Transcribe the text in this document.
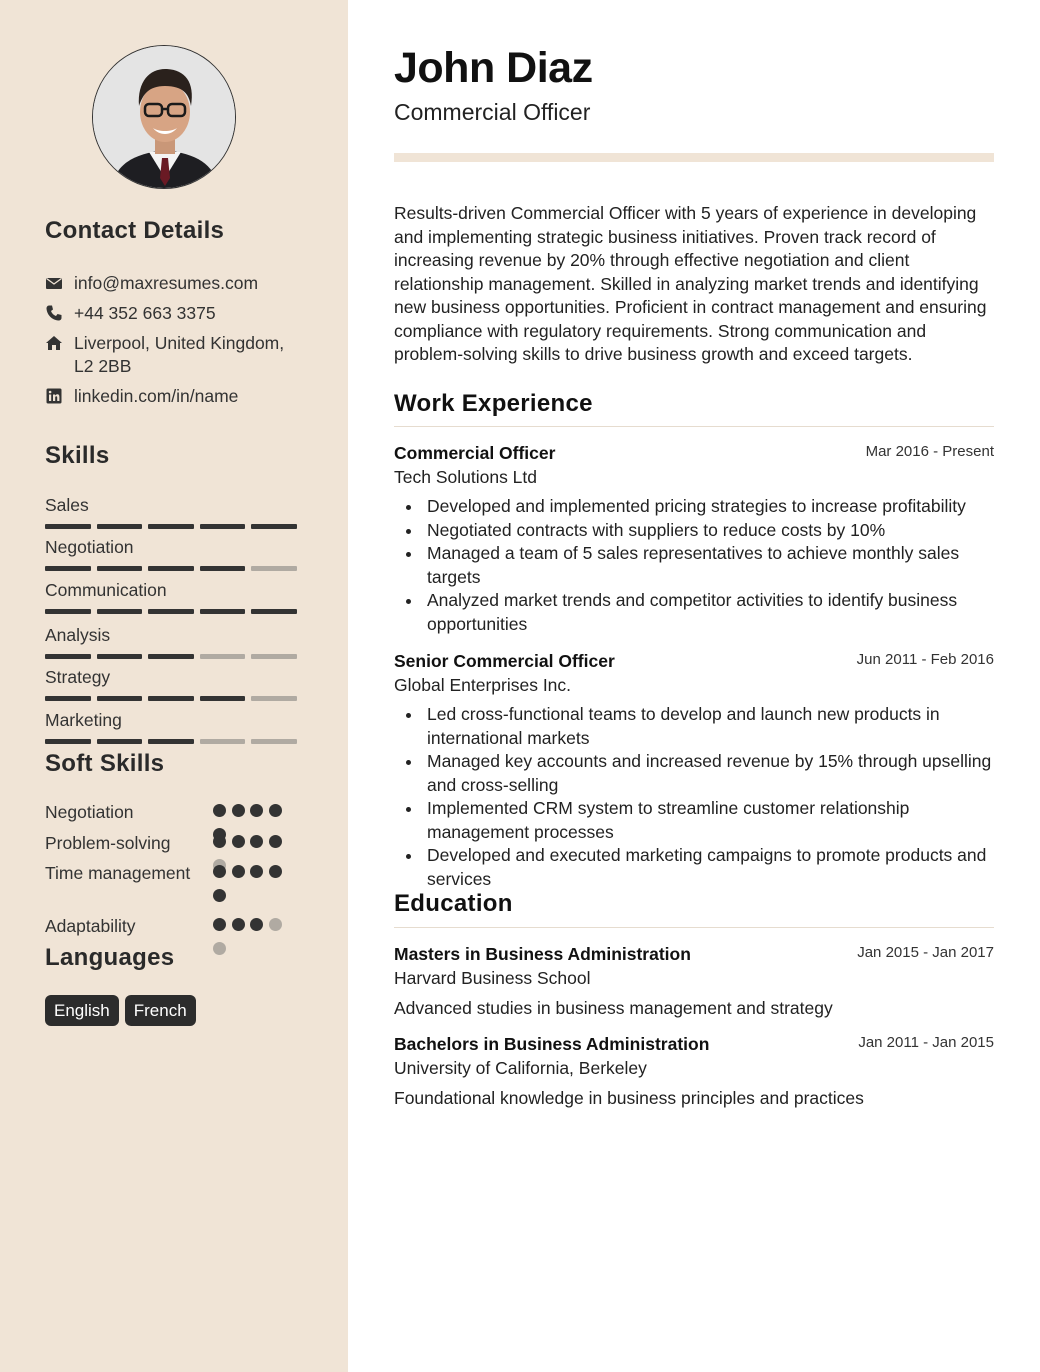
Contact Details
info@maxresumes.com
+44 352 663 3375
Liverpool, United Kingdom, L2 2BB
linkedin.com/in/name
Skills
Sales
Negotiation
Communication
Analysis
Strategy
Marketing
Soft Skills
Negotiation
Problem-solving
Time management
Adaptability
Languages
English	French
John Diaz
Commercial Officer
Results-driven Commercial Officer with 5 years of experience in developing and implementing strategic business initiatives. Proven track record of increasing revenue by 20% through effective negotiation and client relationship management. Skilled in analyzing market trends and identifying new business opportunities. Proficient in contract management and ensuring compliance with regulatory requirements. Strong communication and problem-solving skills to drive business growth and exceed targets.
Work Experience
Commercial Officer	Mar 2016 - Present
Tech Solutions Ltd
Developed and implemented pricing strategies to increase profitability
Negotiated contracts with suppliers to reduce costs by 10%
Managed a team of 5 sales representatives to achieve monthly sales targets
Analyzed market trends and competitor activities to identify business opportunities
Senior Commercial Officer	Jun 2011 - Feb 2016
Global Enterprises Inc.
Led cross-functional teams to develop and launch new products in international markets
Managed key accounts and increased revenue by 15% through upselling and cross-selling
Implemented CRM system to streamline customer relationship management processes
Developed and executed marketing campaigns to promote products and services
Education
Masters in Business Administration	Jan 2015 - Jan 2017
Harvard Business School
Advanced studies in business management and strategy
Bachelors in Business Administration	Jan 2011 - Jan 2015
University of California, Berkeley
Foundational knowledge in business principles and practices
